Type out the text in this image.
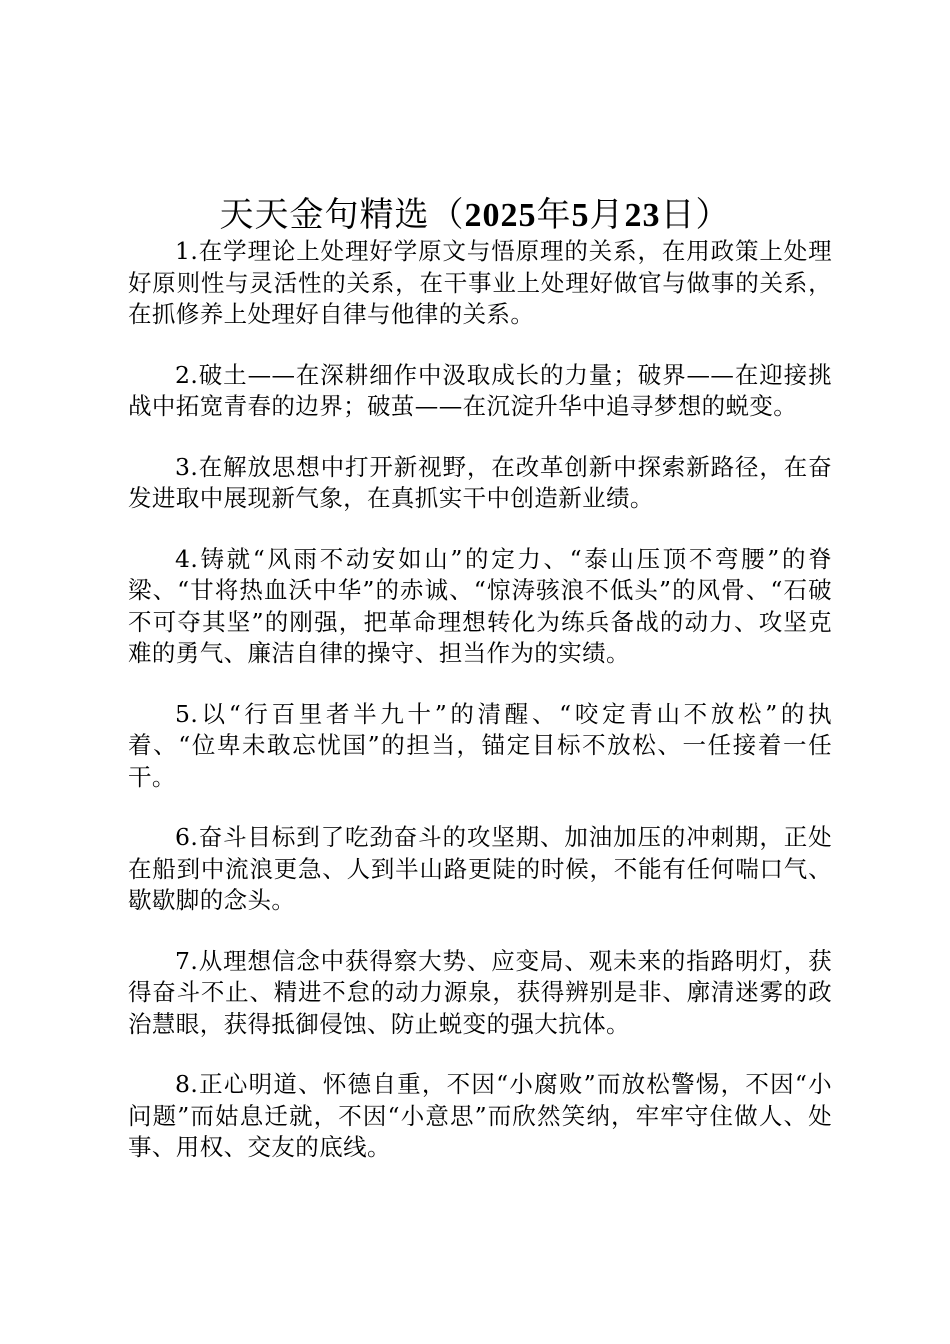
天天金句精选（2025年5月23日）

1.在学理论上处理好学原文与悟原理的关系，在用政策上处理好原则性与灵活性的关系，在干事业上处理好做官与做事的关系，在抓修养上处理好自律与他律的关系。

2.破土——在深耕细作中汲取成长的力量；破界——在迎接挑战中拓宽青春的边界；破茧——在沉淀升华中追寻梦想的蜕变。

3.在解放思想中打开新视野，在改革创新中探索新路径，在奋发进取中展现新气象，在真抓实干中创造新业绩。

4.铸就“风雨不动安如山”的定力、“泰山压顶不弯腰”的脊梁、“甘将热血沃中华”的赤诚、“惊涛骇浪不低头”的风骨、“石破不可夺其坚”的刚强，把革命理想转化为练兵备战的动力、攻坚克难的勇气、廉洁自律的操守、担当作为的实绩。

5.以“行百里者半九十”的清醒、“咬定青山不放松”的执着、“位卑未敢忘忧国”的担当，锚定目标不放松、一任接着一任干。

6.奋斗目标到了吃劲奋斗的攻坚期、加油加压的冲刺期，正处在船到中流浪更急、人到半山路更陡的时候，不能有任何喘口气、歇歇脚的念头。

7.从理想信念中获得察大势、应变局、观未来的指路明灯，获得奋斗不止、精进不怠的动力源泉，获得辨别是非、廓清迷雾的政治慧眼，获得抵御侵蚀、防止蜕变的强大抗体。

8.正心明道、怀德自重，不因“小腐败”而放松警惕，不因“小问题”而姑息迁就，不因“小意思”而欣然笑纳，牢牢守住做人、处事、用权、交友的底线。
